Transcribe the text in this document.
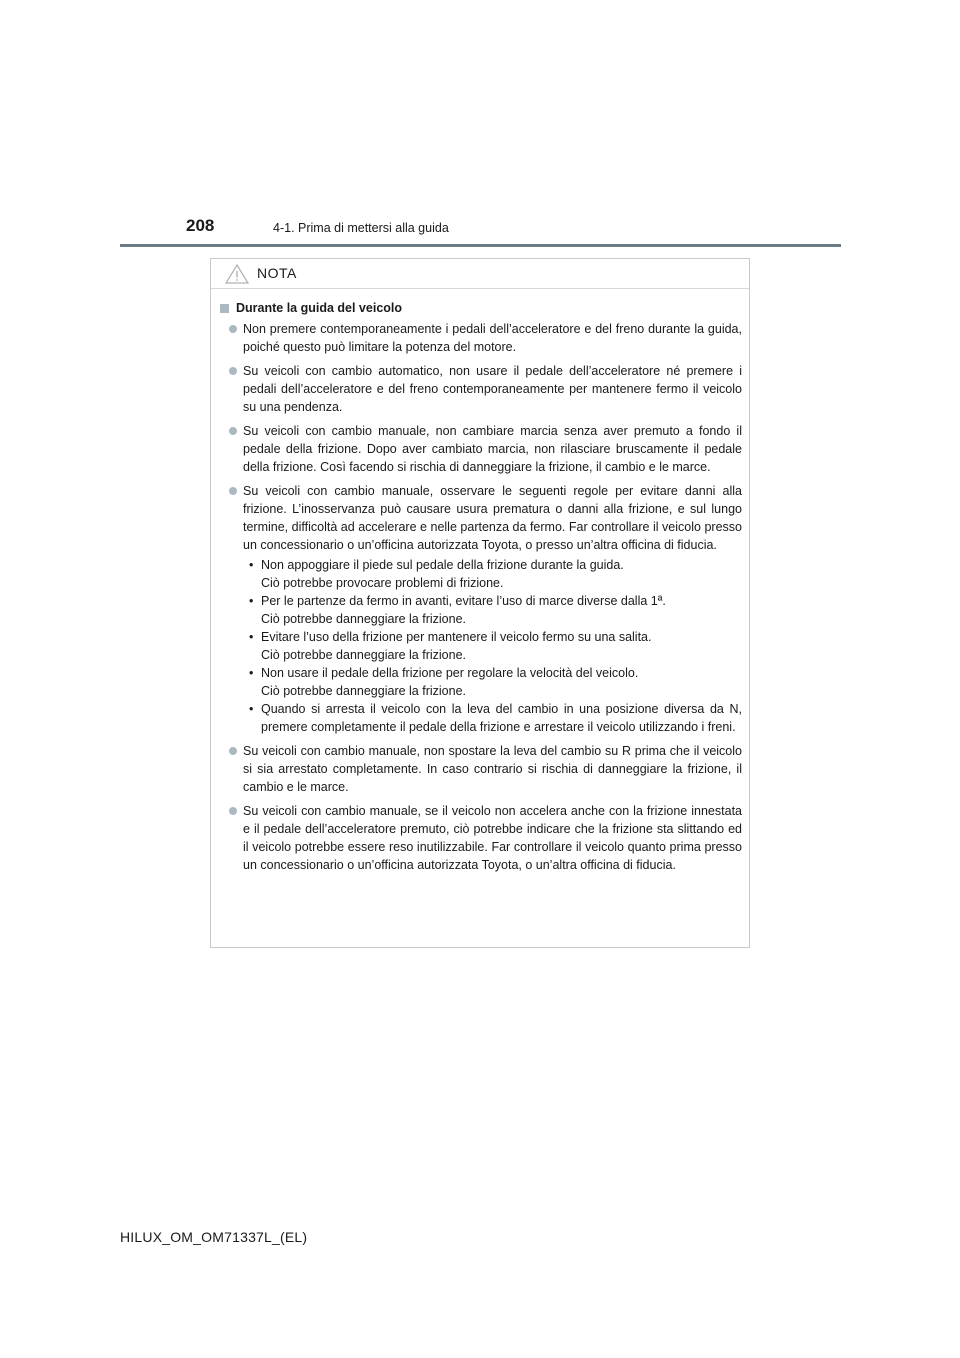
208	4-1. Prima di mettersi alla guida
NOTA
Durante la guida del veicolo
Non premere contemporaneamente i pedali dell’acceleratore e del freno durante la guida, poiché questo può limitare la potenza del motore.
Su veicoli con cambio automatico, non usare il pedale dell’acceleratore né premere i pedali dell’acceleratore e del freno contemporaneamente per mantenere fermo il veicolo su una pendenza.
Su veicoli con cambio manuale, non cambiare marcia senza aver premuto a fondo il pedale della frizione. Dopo aver cambiato marcia, non rilasciare bruscamente il pedale della frizione. Così facendo si rischia di danneggiare la frizione, il cambio e le marce.
Su veicoli con cambio manuale, osservare le seguenti regole per evitare danni alla frizione. L’inosservanza può causare usura prematura o danni alla frizione, e sul lungo termine, difficoltà ad accelerare e nelle partenza da fermo. Far controllare il veicolo presso un concessionario o un’officina autorizzata Toyota, o presso un’altra officina di fiducia.
• Non appoggiare il piede sul pedale della frizione durante la guida.
Ciò potrebbe provocare problemi di frizione.
• Per le partenze da fermo in avanti, evitare l’uso di marce diverse dalla 1ª.
Ciò potrebbe danneggiare la frizione.
• Evitare l’uso della frizione per mantenere il veicolo fermo su una salita.
Ciò potrebbe danneggiare la frizione.
• Non usare il pedale della frizione per regolare la velocità del veicolo.
Ciò potrebbe danneggiare la frizione.
• Quando si arresta il veicolo con la leva del cambio in una posizione diversa da N, premere completamente il pedale della frizione e arrestare il veicolo utilizzando i freni.
Su veicoli con cambio manuale, non spostare la leva del cambio su R prima che il veicolo si sia arrestato completamente. In caso contrario si rischia di danneggiare la frizione, il cambio e le marce.
Su veicoli con cambio manuale, se il veicolo non accelera anche con la frizione innestata e il pedale dell’acceleratore premuto, ciò potrebbe indicare che la frizione sta slittando ed il veicolo potrebbe essere reso inutilizzabile. Far controllare il veicolo quanto prima presso un concessionario o un’officina autorizzata Toyota, o un’altra officina di fiducia.
HILUX_OM_OM71337L_(EL)
